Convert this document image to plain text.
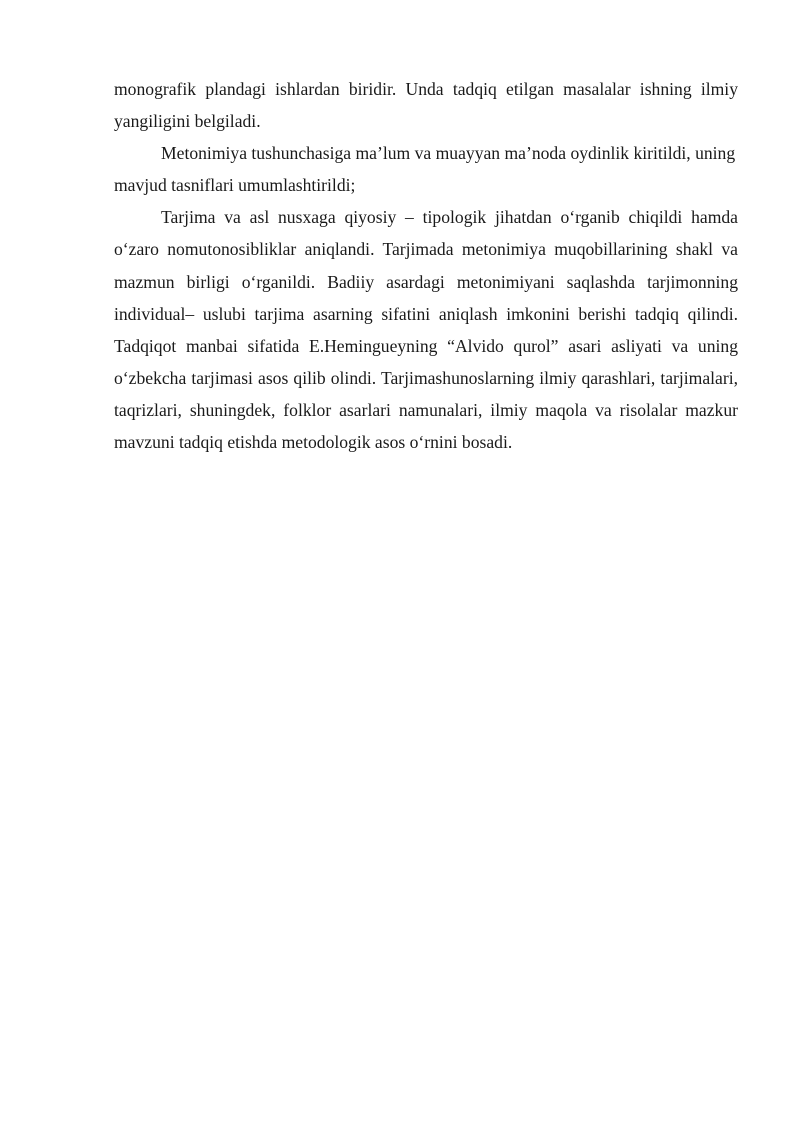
monografik plandagi ishlardan biridir. Unda tadqiq etilgan masalalar ishning ilmiy yangiligini belgiladi.

Metonimiya tushunchasiga ma’lum va muayyan ma’noda oydinlik kiritildi, uning mavjud tasniflari umumlashtirildi;

Tarjima va asl nusxaga qiyosiy – tipologik jihatdan o‘rganib chiqildi hamda o‘zaro nomutonosibliklar aniqlandi. Tarjimada metonimiya muqobillarining shakl va mazmun birligi o‘rganildi. Badiiy asardagi metonimiyani saqlashda tarjimonning individual– uslubi tarjima asarning sifatini aniqlash imkonini berishi tadqiq qilindi. Tadqiqot manbai sifatida E.Hemingueyning “Alvido qurol” asari asliyati va uning o‘zbekcha tarjimasi asos qilib olindi. Tarjimashunoslarning ilmiy qarashlari, tarjimalari, taqrizlari, shuningdek, folklor asarlari namunalari, ilmiy maqola va risolalar mazkur mavzuni tadqiq etishda metodologik asos o‘rnini bosadi.
